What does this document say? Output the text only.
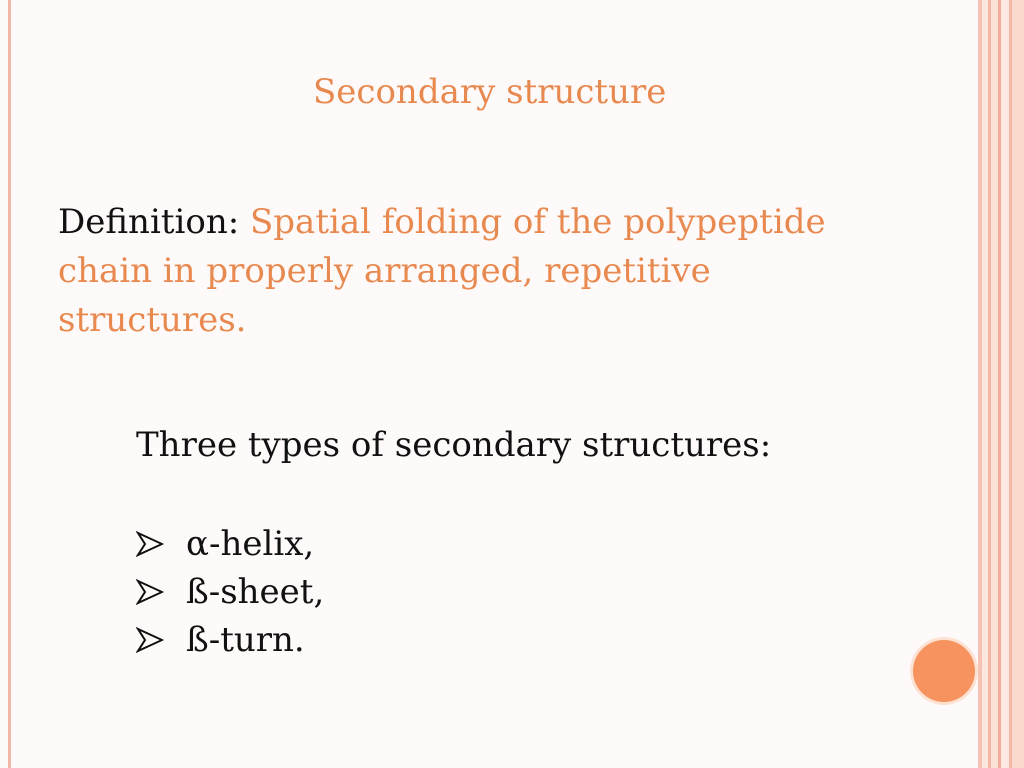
Secondary structure
Definition: Spatial folding of the polypeptide chain in properly arranged, repetitive structures.
Three types of secondary structures:
α-helix,
ß-sheet,
ß-turn.
